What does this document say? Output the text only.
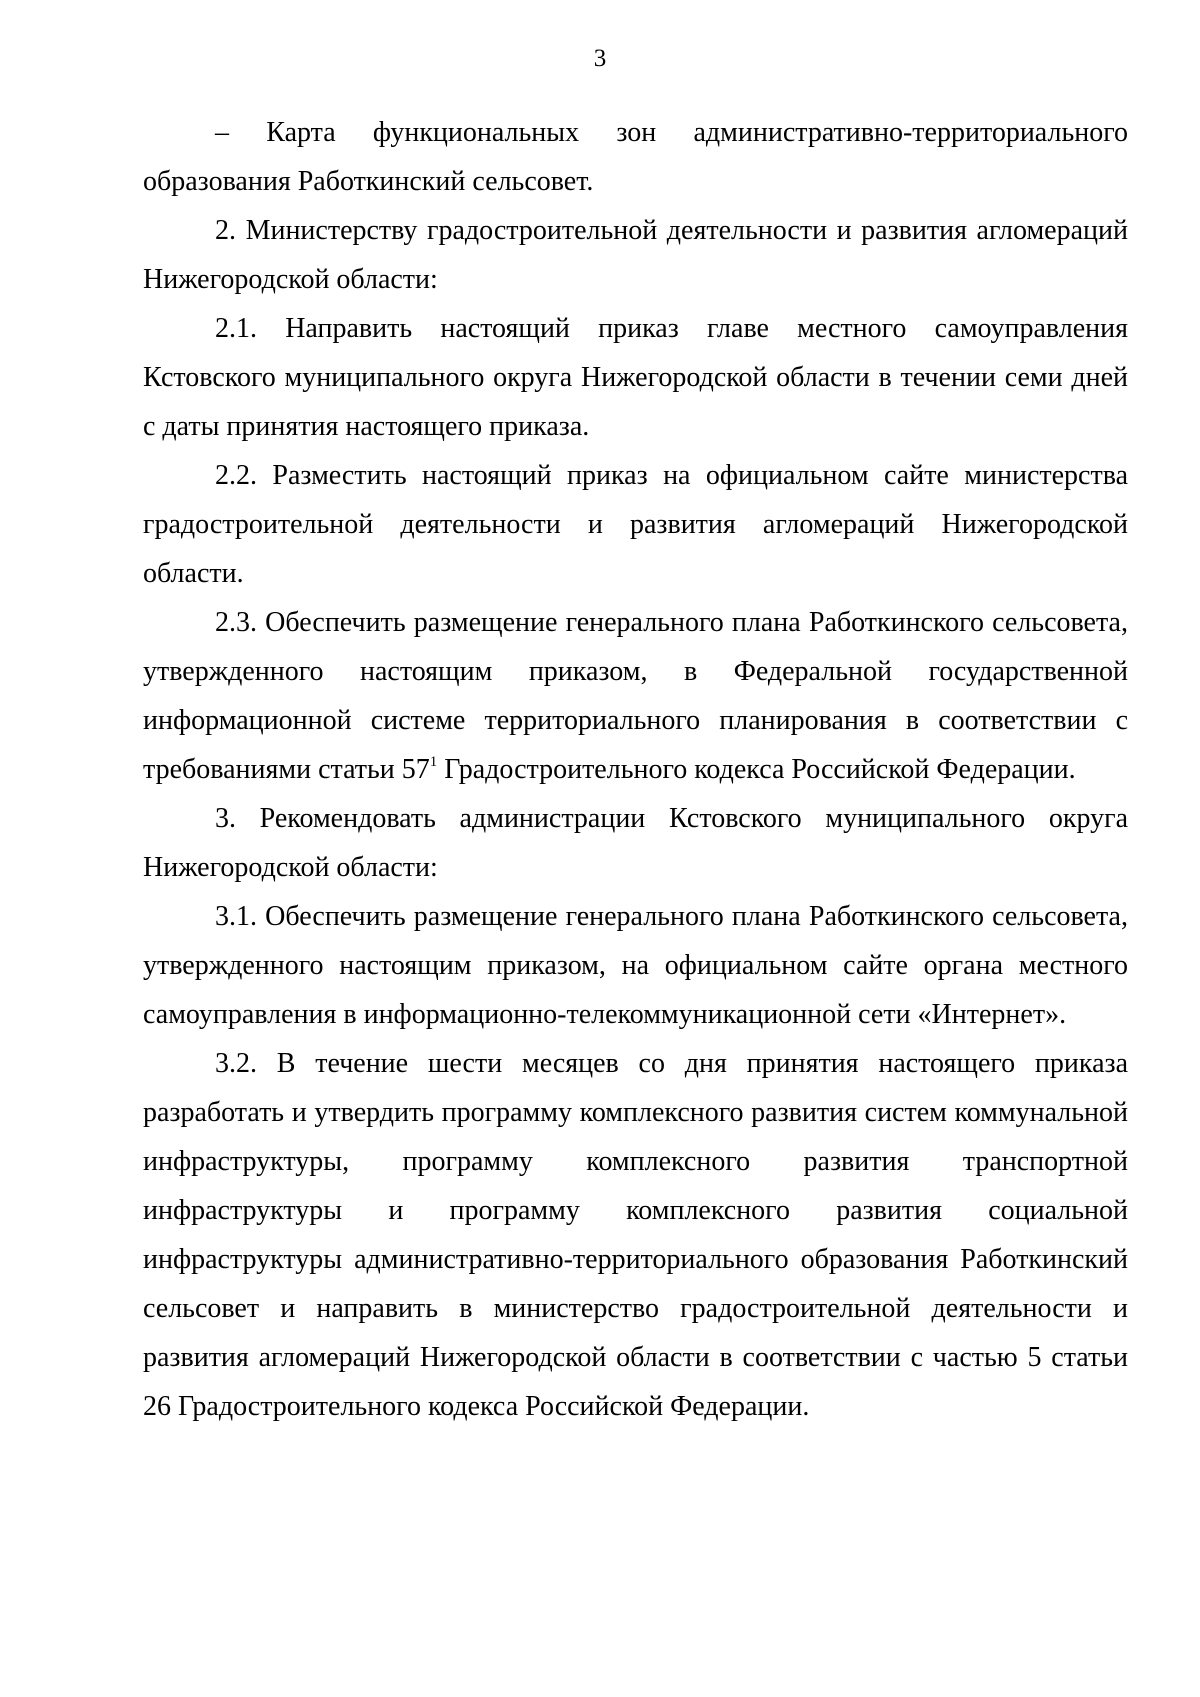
3

– Карта функциональных зон административно-территориального образования Работкинский сельсовет.

2. Министерству градостроительной деятельности и развития агломераций Нижегородской области:

2.1. Направить настоящий приказ главе местного самоуправления Кстовского муниципального округа Нижегородской области в течении семи дней с даты принятия настоящего приказа.

2.2. Разместить настоящий приказ на официальном сайте министерства градостроительной деятельности и развития агломераций Нижегородской области.

2.3. Обеспечить размещение генерального плана Работкинского сельсовета, утвержденного настоящим приказом, в Федеральной государственной информационной системе территориального планирования в соответствии с требованиями статьи $57^1$ Градостроительного кодекса Российской Федерации.

3. Рекомендовать администрации Кстовского муниципального округа Нижегородской области:

3.1. Обеспечить размещение генерального плана Работкинского сельсовета, утвержденного настоящим приказом, на официальном сайте органа местного самоуправления в информационно-телекоммуникационной сети «Интернет».

3.2. В течение шести месяцев со дня принятия настоящего приказа разработать и утвердить программу комплексного развития систем коммунальной инфраструктуры, программу комплексного развития транспортной инфраструктуры и программу комплексного развития социальной инфраструктуры административно-территориального образования Работкинский сельсовет и направить в министерство градостроительной деятельности и развития агломераций Нижегородской области в соответствии с частью 5 статьи 26 Градостроительного кодекса Российской Федерации.
